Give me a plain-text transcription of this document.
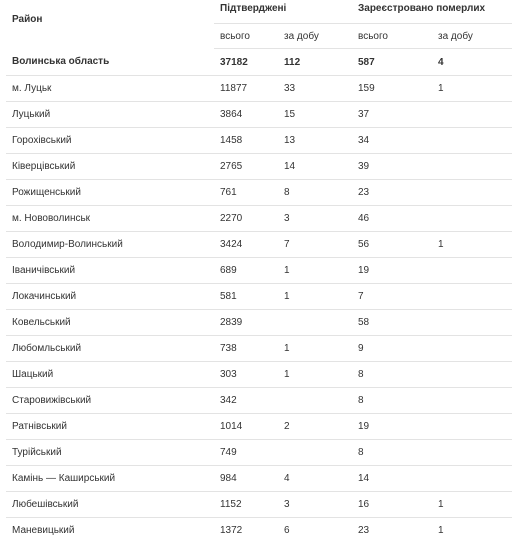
Район	Підтверджені		Зареєстровано померлих	
	всього	за добу	всього	за добу
Волинська область	37182	112	587	4
м. Луцьк	11877	33	159	1
Луцький	3864	15	37	
Горохівський	1458	13	34	
Ківерцівський	2765	14	39	
Рожищенський	761	8	23	
м. Нововолинськ	2270	3	46	
Володимир-Волинський	3424	7	56	1
Іваничівський	689	1	19	
Локачинський	581	1	7	
Ковельський	2839		58	
Любомльський	738	1	9	
Шацький	303	1	8	
Старовижівський	342		8	
Ратнівський	1014	2	19	
Турійський	749		8	
Камінь — Каширський	984	4	14	
Любешівський	1152	3	16	1
Маневицький	1372	6	23	1
